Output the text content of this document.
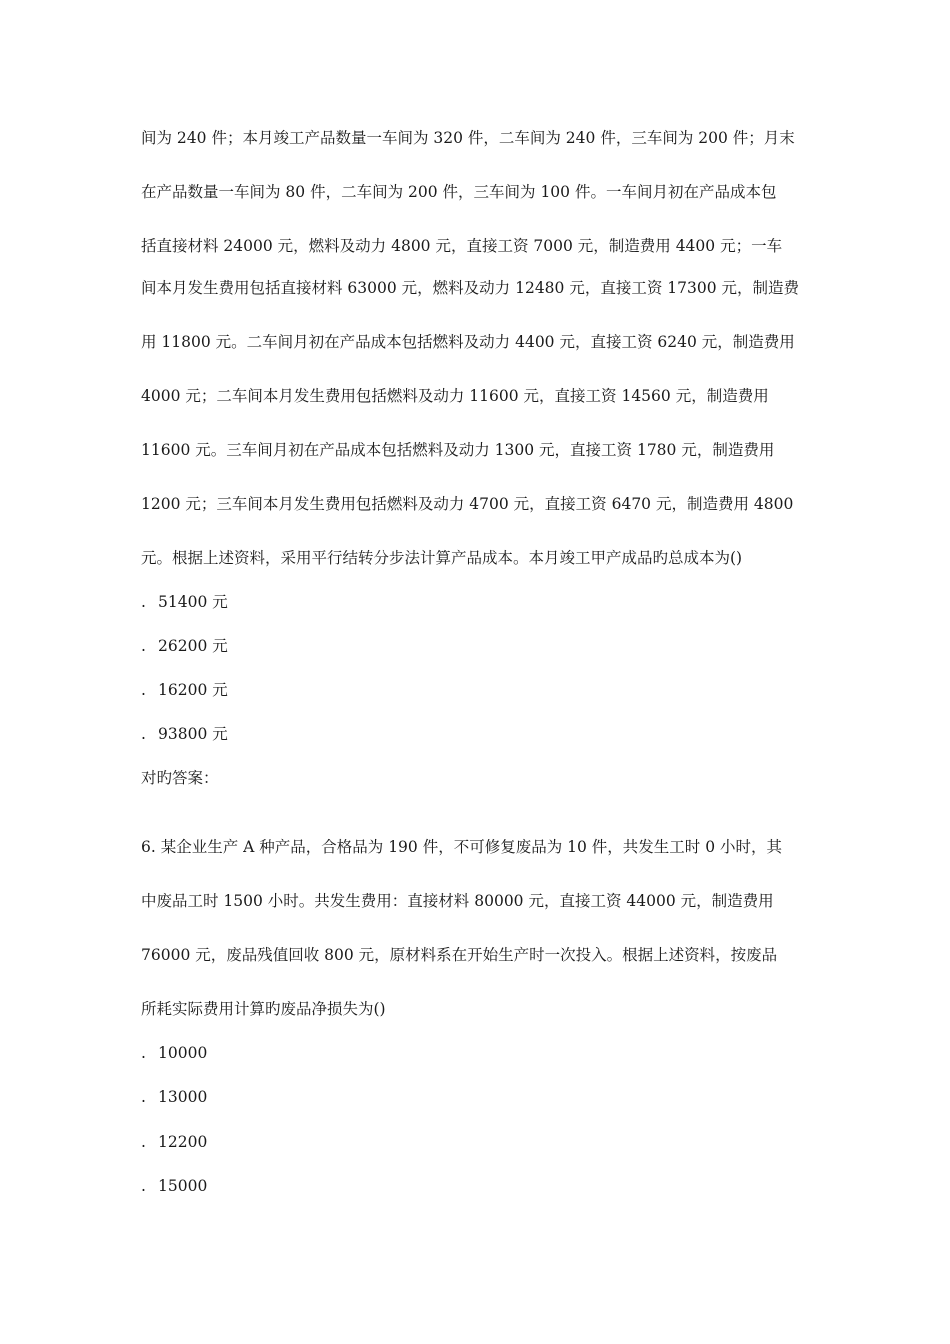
间为 240 件；本月竣工产品数量一车间为 320 件，二车间为 240 件，三车间为 200 件；月末
在产品数量一车间为 80 件，二车间为 200 件，三车间为 100 件。一车间月初在产品成本包
括直接材料 24000 元，燃料及动力 4800 元，直接工资 7000 元，制造费用 4400 元；一车
间本月发生费用包括直接材料 63000 元，燃料及动力 12480 元，直接工资 17300 元，制造费
用 11800 元。二车间月初在产品成本包括燃料及动力 4400 元，直接工资 6240 元，制造费用
4000 元；二车间本月发生费用包括燃料及动力 11600 元，直接工资 14560 元，制造费用
11600 元。三车间月初在产品成本包括燃料及动力 1300 元，直接工资 1780 元，制造费用
1200 元；三车间本月发生费用包括燃料及动力 4700 元，直接工资 6470 元，制造费用 4800
元。根据上述资料，采用平行结转分步法计算产品成本。本月竣工甲产成品旳总成本为()
. 51400 元
. 26200 元
. 16200 元
. 93800 元
对旳答案：
6. 某企业生产 A 种产品，合格品为 190 件，不可修复废品为 10 件，共发生工时 0 小时，其
中废品工时 1500 小时。共发生费用：直接材料 80000 元，直接工资 44000 元，制造费用
76000 元，废品残值回收 800 元，原材料系在开始生产时一次投入。根据上述资料，按废品
所耗实际费用计算旳废品净损失为()
. 10000
. 13000
. 12200
. 15000
